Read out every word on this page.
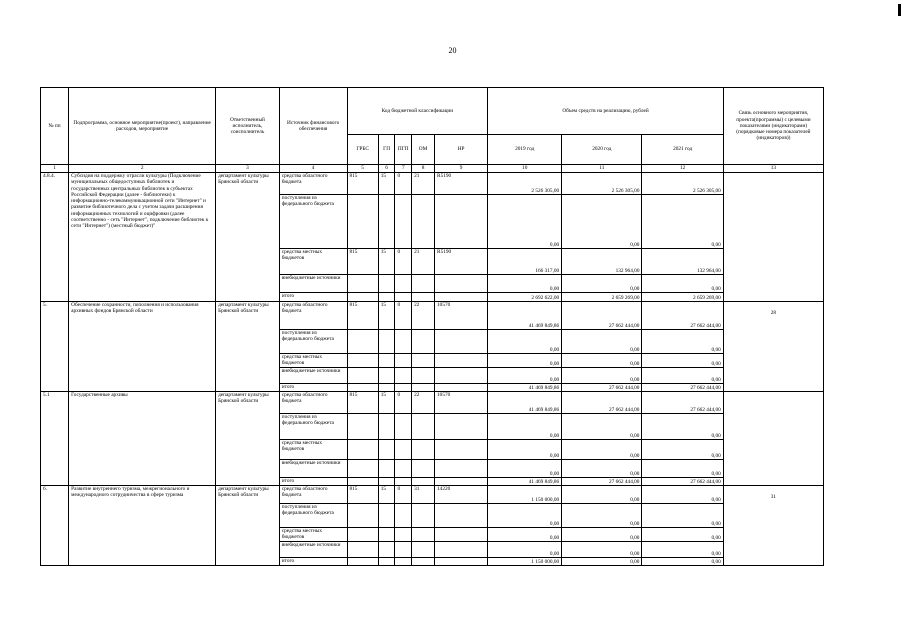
20
№ пп	Подпрограмма, основное мероприятие(проект), направление расходов, мероприятие	Ответственный исполнитель, соисполнитель	Источник финансового обеспечения	Код бюджетной классификации					Объем средств на реализацию, рублей			Связь основного мероприятия, проекта(программы) с целевыми показателями (индикаторами) (порядковые номера показателей (индикаторов))
				ГРБС	ГП	ПГП	ОМ	НР	2019 год	2020 год	2021 год	
1	2	3	4	5	6	7	8	9	10	11	12	13
4.8.4.	Субсидия на поддержку отрасли культуры (Подключение муниципальных общедоступных библиотек и государственных центральных библиотек в субъектах Российской Федерации (далее - библиотеки) к информационно-телекоммуникационной сети "Интернет" и развитие библиотечного дела с учетом задачи расширения информационных технологий и оцифровки (далее соответственно - сеть "Интернет", подключение библиотек к сети "Интернет") (местный бюджет)"	департамент культуры Брянской области	средства областного бюджета	815	15	0	21	R5190	2 526 305,00	2 526 305,00	2 526 305,00	
			поступления из федерального бюджета						0,00	0,00	0,00	
			средства местных бюджетов	815	15	0	21	R5190	166 317,00	132 964,00	132 964,00	
			внебюджетные источники						0,00	0,00	0,00	
			итого						2 692 622,00	2 659 269,00	2 659 269,00	
5.	Обеспечение сохранности, пополнения и использования архивных фондов Брянской области	департамент культуры Брянской области	средства областного бюджета	815	15	0	22	10570	41 469 849,86	27 662 444,00	27 662 444,00	28
			поступления из федерального бюджета						0,00	0,00	0,00	
			средства местных бюджетов						0,00	0,00	0,00	
			внебюджетные источники						0,00	0,00	0,00	
			итого						41 469 849,86	27 662 444,00	27 662 444,00	
5.1	Государственные архивы	департамент культуры Брянской области	средства областного бюджета	815	15	0	22	10570	41 469 849,86	27 662 444,00	27 662 444,00	
			поступления из федерального бюджета						0,00	0,00	0,00	
			средства местных бюджетов						0,00	0,00	0,00	
			внебюджетные источники						0,00	0,00	0,00	
			итого						41 469 849,86	27 662 444,00	27 662 444,00	
6.	Развитие внутреннего туризма, межрегионального и международного сотрудничества в сфере туризма	департамент культуры Брянской области	средства областного бюджета	815	15	0	31	14220	1 150 000,00	0,00	0,00	31
			поступления из федерального бюджета						0,00	0,00	0,00	
			средства местных бюджетов						0,00	0,00	0,00	
			внебюджетные источники						0,00	0,00	0,00	
			итого						1 150 000,00	0,00	0,00	
